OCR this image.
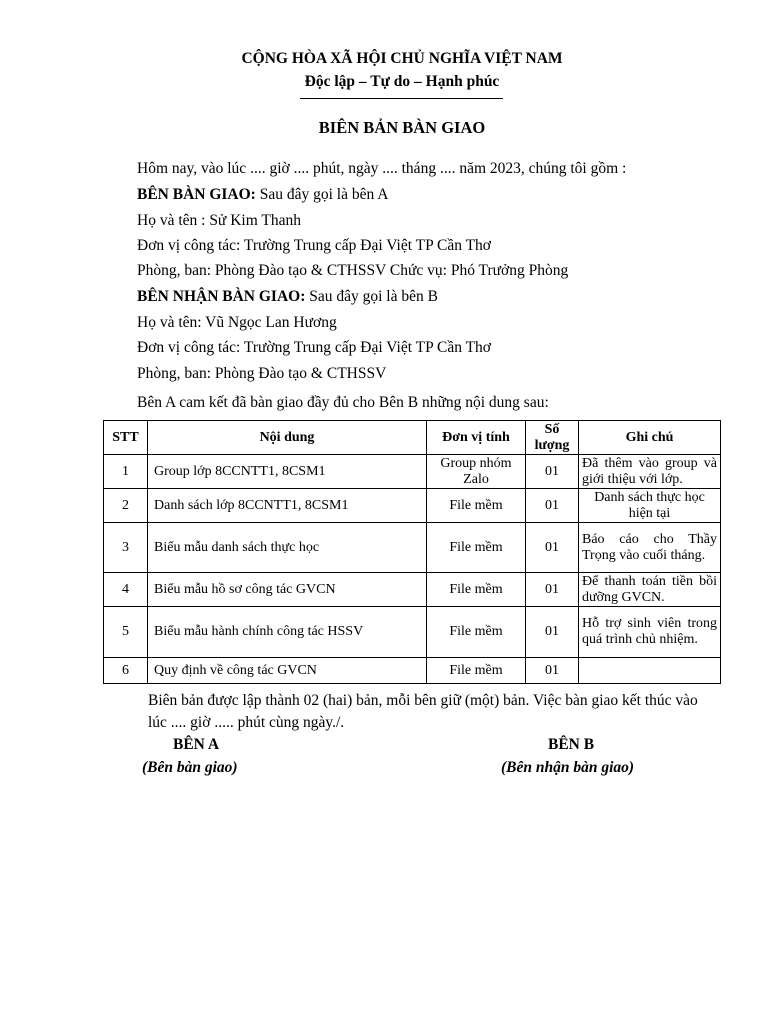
CỘNG HÒA XÃ HỘI CHỦ NGHĨA VIỆT NAM
Độc lập – Tự do – Hạnh phúc
BIÊN BẢN BÀN GIAO
Hôm nay, vào lúc .... giờ .... phút, ngày .... tháng .... năm 2023, chúng tôi gồm :
BÊN BÀN GIAO: Sau đây gọi là bên A
Họ và tên : Sử Kim Thanh
Đơn vị công tác: Trường Trung cấp Đại Việt TP Cần Thơ
Phòng, ban: Phòng Đào tạo & CTHSSV Chức vụ: Phó Trưởng Phòng
BÊN NHẬN BÀN GIAO: Sau đây gọi là bên B
Họ và tên: Vũ Ngọc Lan Hương
Đơn vị công tác: Trường Trung cấp Đại Việt TP Cần Thơ
Phòng, ban: Phòng Đào tạo & CTHSSV
Bên A cam kết đã bàn giao đầy đủ cho Bên B những nội dung sau:
STT	Nội dung	Đơn vị tính	Số lượng	Ghi chú
1	Group lớp 8CCNTT1, 8CSM1	Group nhóm Zalo	01	Đã thêm vào group và giới thiệu với lớp.
2	Danh sách lớp 8CCNTT1, 8CSM1	File mềm	01	Danh sách thực học hiện tại
3	Biểu mẫu danh sách thực học	File mềm	01	Báo cáo cho Thầy Trọng vào cuối tháng.
4	Biểu mẫu hồ sơ công tác GVCN	File mềm	01	Để thanh toán tiền bồi dưỡng GVCN.
5	Biểu mẫu hành chính công tác HSSV	File mềm	01	Hỗ trợ sinh viên trong quá trình chủ nhiệm.
6	Quy định về công tác GVCN	File mềm	01	
Biên bản được lập thành 02 (hai) bản, mỗi bên giữ (một) bản. Việc bàn giao kết thúc vào lúc .... giờ ..... phút cùng ngày./.
BÊN A
(Bên bàn giao)
BÊN B
(Bên nhận bàn giao)
